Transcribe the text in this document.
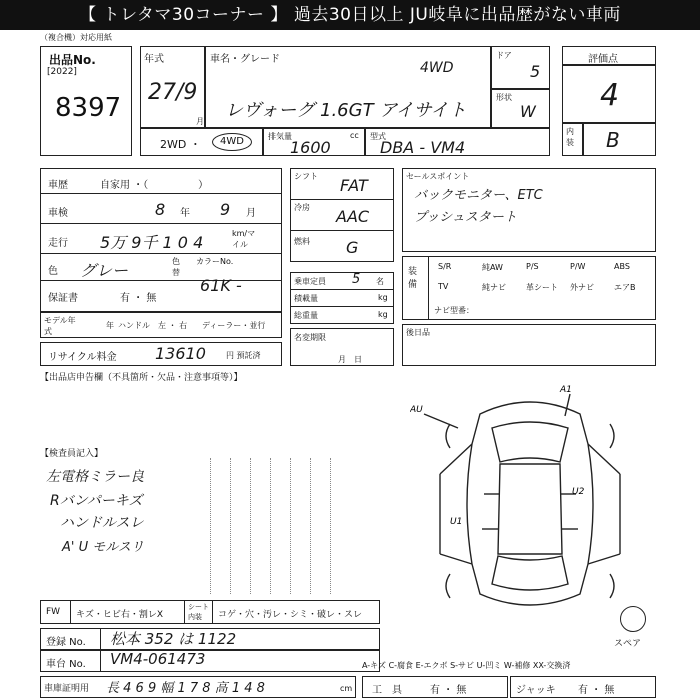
【 トレタマ30コーナー 】 過去30日以上 JU岐阜に出品歴がない車両
（複合機）対応用紙
出品No.
[2022]
8397
年式
27/9
月
車名・グレード
4WD
レヴォーグ 1.6GT アイサイト
ドア
5
形状
W
2WD ・	4WD	排気量	cc
1600
型式
DBA - VM4
評価点
4
内装 B
車歴	自家用 ・（　　　　　）
車検	8 年 9 月
走行 5万 9千 1 0 4	km/マイル
色 グレー	色替
カラーNo.
61K -
保証書	有 ・ 無
モデル年式
年 ハンドル 左 ・ 右 ディーラー・並行
リサイクル料金 13610	円 預託済
シフト FAT
冷房 AAC
燃料 G
乗車定員 5 名
積載量	kg
総重量	kg
名変期限
月　日
セールスポイント
バックモニター、ETC
プッシュスタート
装備
S/R	純AW	P/S	P/W	ABS
TV	純ナビ	革シート 外ナビ	エアB
ナビ型番：
後日品
【出品店申告欄（不具箇所・欠品・注意事項等）】
【検査員記入】
左電格ミラー良
Rバンパーキズ
ハンドルスレ
A' U モルスリ
AU
A1
U2
U1
スペア
FW キズ・ヒビ右・割レX
シート内装	コゲ・穴・汚レ・シミ・破レ・スレ
登録 No. 松本 352 は 1122
車台 No. VM4-061473	A-キズ C-腐食 E-エクボ S-サビ U-凹ミ W-補修 XX-交換済
車庫証明用 長 4 6 9 幅 1 7 8 高 1 4 8	cm 工　具	有 ・ 無	ジャッキ 有 ・ 無
